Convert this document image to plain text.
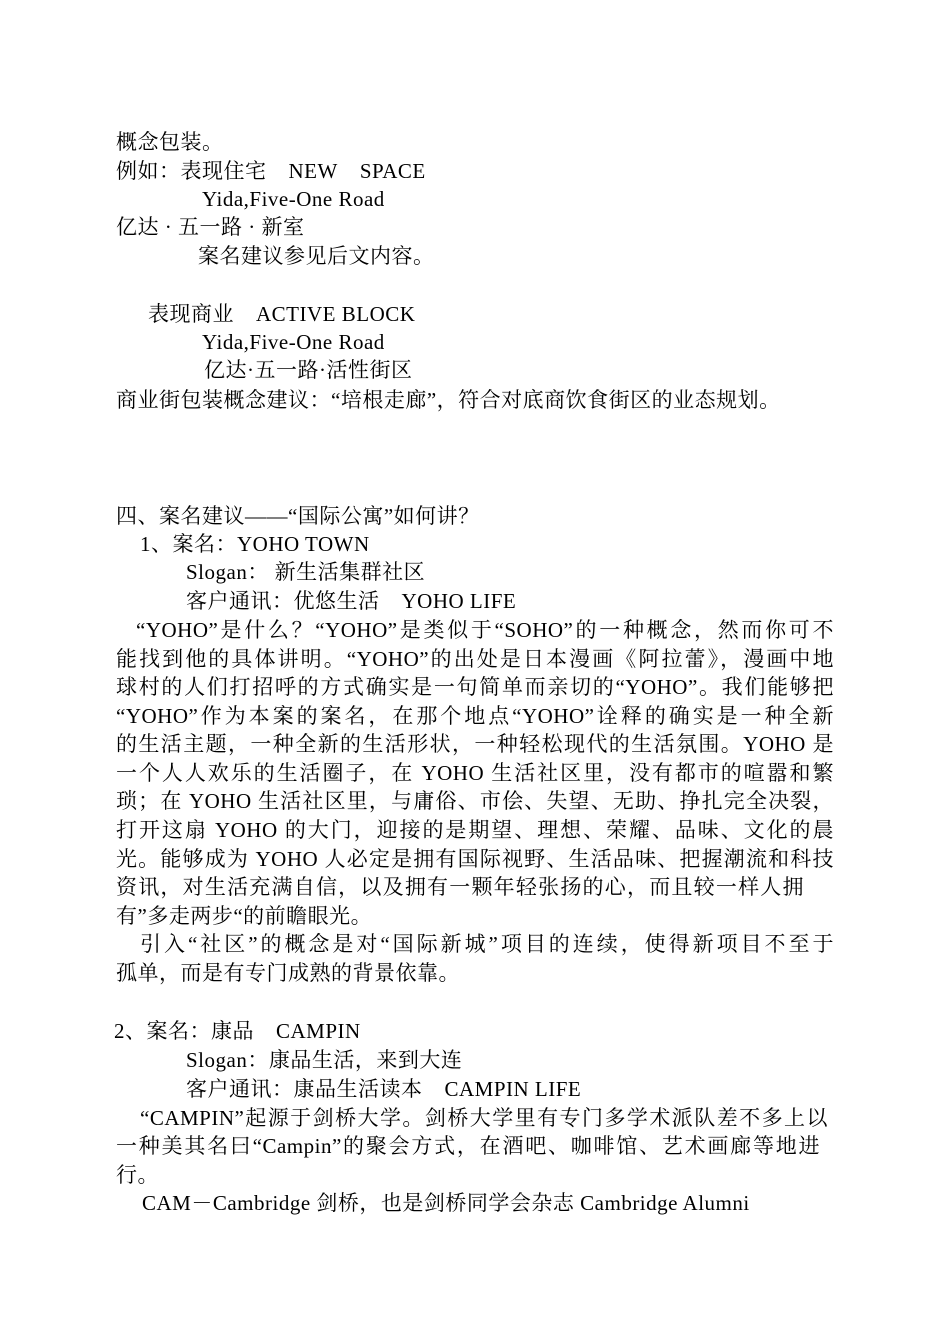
概念包装。
例如：表现住宅 NEW SPACE
Yida,Five-One Road
亿达 · 五一路 · 新室
案名建议参见后文内容。
表现商业 ACTIVE BLOCK
Yida,Five-One Road
亿达·五一路·活性街区
商业街包装概念建议：“培根走廊”，符合对底商饮食街区的业态规划。
四、案名建议——“国际公寓”如何讲？
1、案名：YOHO TOWN
Slogan： 新生活集群社区
客户通讯：优悠生活 YOHO LIFE
“YOHO”是什么？“YOHO”是类似于“SOHO”的一种概念，然而你可不
能找到他的具体讲明。“YOHO”的出处是日本漫画《阿拉蕾》，漫画中地
球村的人们打招呼的方式确实是一句简单而亲切的“YOHO”。我们能够把
“YOHO”作为本案的案名，在那个地点“YOHO”诠释的确实是一种全新
的生活主题，一种全新的生活形状，一种轻松现代的生活氛围。YOHO 是
一个人人欢乐的生活圈子，在 YOHO 生活社区里，没有都市的喧嚣和繁
琐；在 YOHO 生活社区里，与庸俗、市侩、失望、无助、挣扎完全决裂，
打开这扇 YOHO 的大门，迎接的是期望、理想、荣耀、品味、文化的晨
光。能够成为 YOHO 人必定是拥有国际视野、生活品味、把握潮流和科技
资讯，对生活充满自信，以及拥有一颗年轻张扬的心，而且较一样人拥
有”多走两步“的前瞻眼光。
引入“社区”的概念是对“国际新城”项目的连续，使得新项目不至于
孤单，而是有专门成熟的背景依靠。
2、案名：康品 CAMPIN
Slogan：康品生活，来到大连
客户通讯：康品生活读本 CAMPIN LIFE
“CAMPIN”起源于剑桥大学。剑桥大学里有专门多学术派队差不多上以
一种美其名曰“Campin”的聚会方式，在酒吧、咖啡馆、艺术画廊等地进
行。
CAM－Cambridge 剑桥，也是剑桥同学会杂志 Cambridge Alumni
